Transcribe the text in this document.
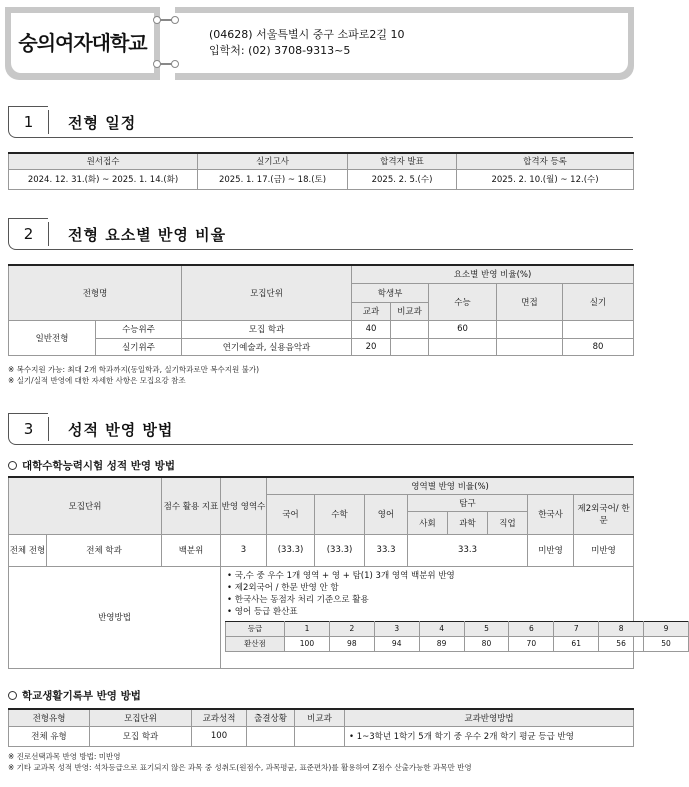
숭의여자대학교	(04628) 서울특별시 중구 소파로2길 10
입학처: (02) 3708-9313~5
1	전형 일정
원서접수	실기고사	합격자 발표	합격자 등록
2024. 12. 31.(화) ~ 2025. 1. 14.(화)	2025. 1. 17.(금) ~ 18.(토)	2025. 2. 5.(수)	2025. 2. 10.(월) ~ 12.(수)
2	전형 요소별 반영 비율
전형명		모집단위	요소별 반영 비율(%)				
			학생부		수능	면접	실기
			교과	비교과			
일반전형	수능위주	모집 학과	40		60		
	실기위주	연기예술과, 실용음악과	20				80
※ 복수지원 가능: 최대 2개 학과까지(동일학과, 실기학과로만 복수지원 불가)
※ 실기/실적 반영에 대한 자세한 사항은 모집요강 참조
3	성적 반영 방법
대학수학능력시험 성적 반영 방법
모집단위	점수 활용 지표	반영 영역수	영역별 반영 비율(%)
국어	수학	영어	탐구	한국사	제2외국어/ 한문
사회	과학	직업
전체 전형	전체 학과	백분위	3	(33.3)	(33.3)	33.3	33.3	미반영	미반영
반영방법	
• 국,수 중 우수 1개 영역 + 영 + 탐(1) 3개 영역 백분위 반영
• 제2외국어 / 한문 반영 안 함
• 한국사는 동점자 처리 기준으로 활용
• 영어 등급 환산표
등급	1	2	3	4	5	6	7	8	9
환산점	100	98	94	89	80	70	61	56	50
학교생활기록부 반영 방법
전형유형	모집단위	교과성적	출결상황	비교과	교과반영방법
전체 유형	모집 학과	100			• 1~3학년 1학기 5개 학기 중 우수 2개 학기 평균 등급 반영
※ 진로선택과목 반영 방법: 미반영
※ 기타 교과목 성적 반영: 석차등급으로 표기되지 않은 과목 중 성취도(원점수, 과목평균, 표준편차)를 활용하여 Z점수 산출가능한 과목만 반영
